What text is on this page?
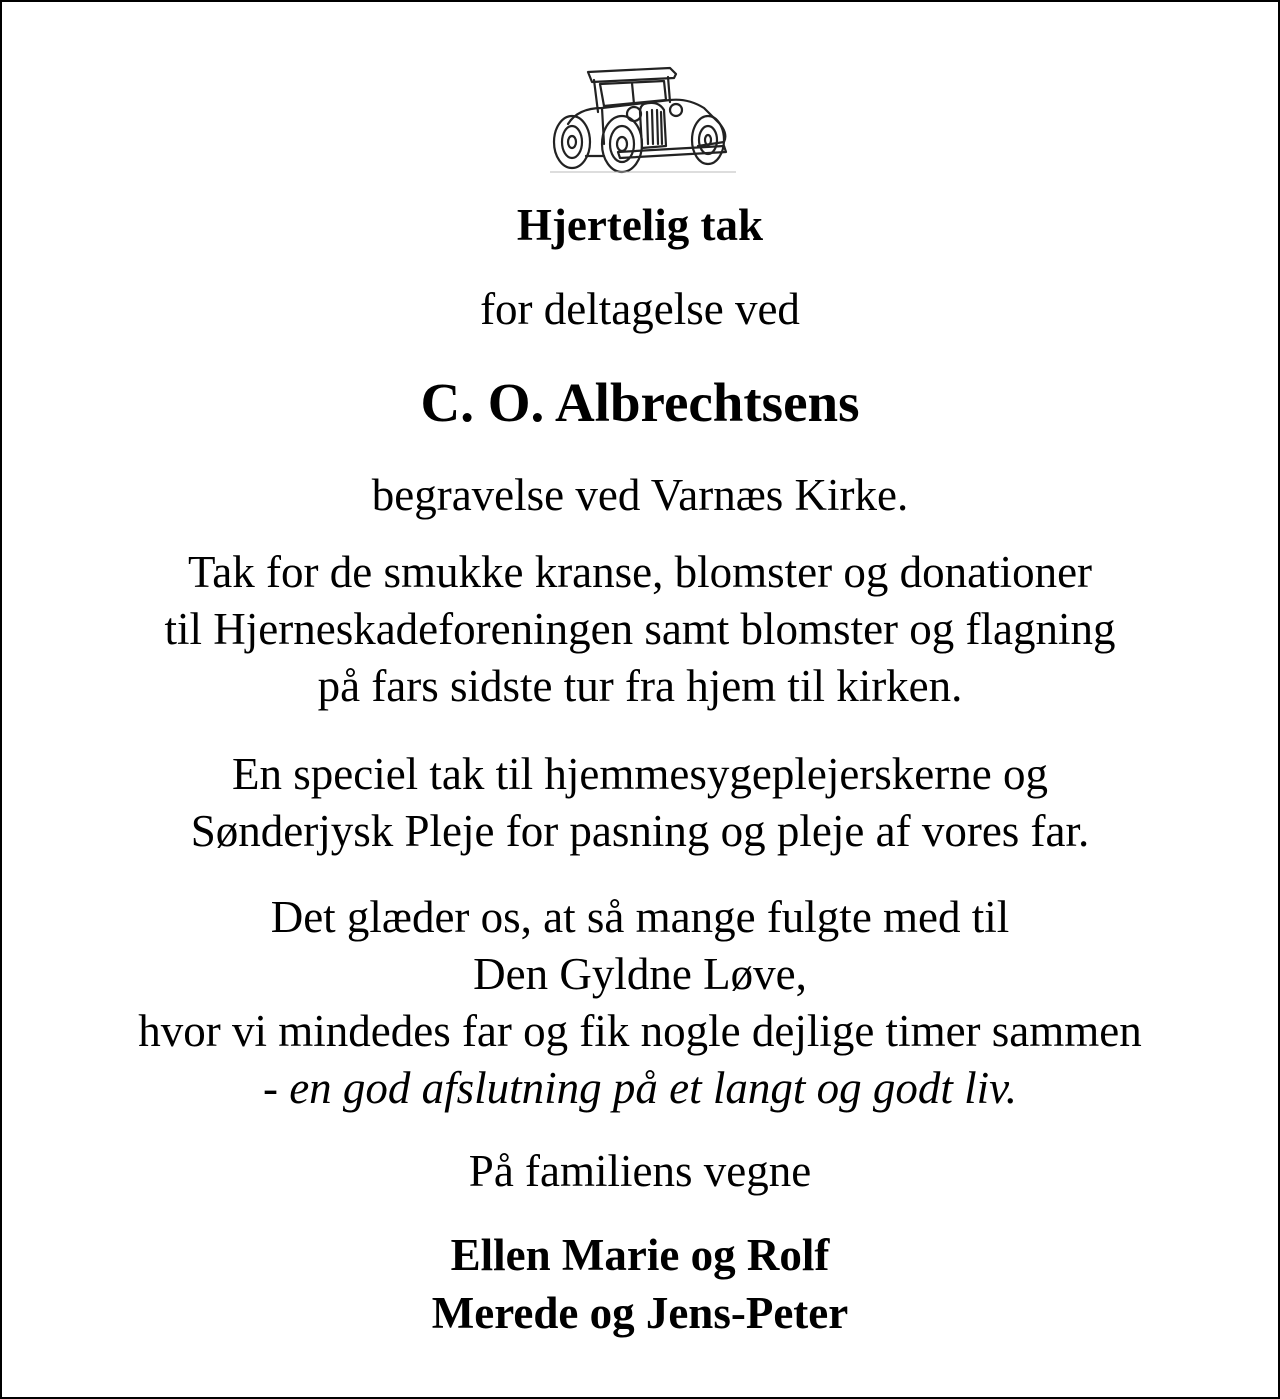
Hjertelig tak
for deltagelse ved
C. O. Albrechtsens
begravelse ved Varnæs Kirke.
Tak for de smukke kranse, blomster og donationer
til Hjerneskadeforeningen samt blomster og flagning
på fars sidste tur fra hjem til kirken.
En speciel tak til hjemmesygeplejerskerne og
Sønderjysk Pleje for pasning og pleje af vores far.
Det glæder os, at så mange fulgte med til
Den Gyldne Løve,
hvor vi mindedes far og fik nogle dejlige timer sammen
- en god afslutning på et langt og godt liv.
På familiens vegne
Ellen Marie og Rolf
Merede og Jens-Peter
